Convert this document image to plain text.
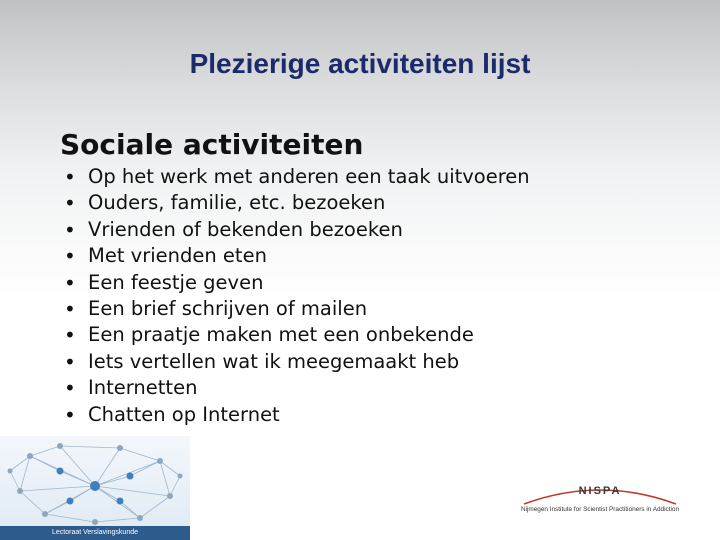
Plezierige activiteiten lijst
Sociale activiteiten
• Op het werk met anderen een taak uitvoeren
• Ouders, familie, etc. bezoeken
• Vrienden of bekenden bezoeken
• Met vrienden eten
• Een feestje geven
• Een brief schrijven of mailen
• Een praatje maken met een onbekende
• Iets vertellen wat ik meegemaakt heb
• Internetten
• Chatten op Internet
Lectoraat Verslavingskunde
NISPA
Nijmegen Institute for Scientist Practitioners in Addiction
